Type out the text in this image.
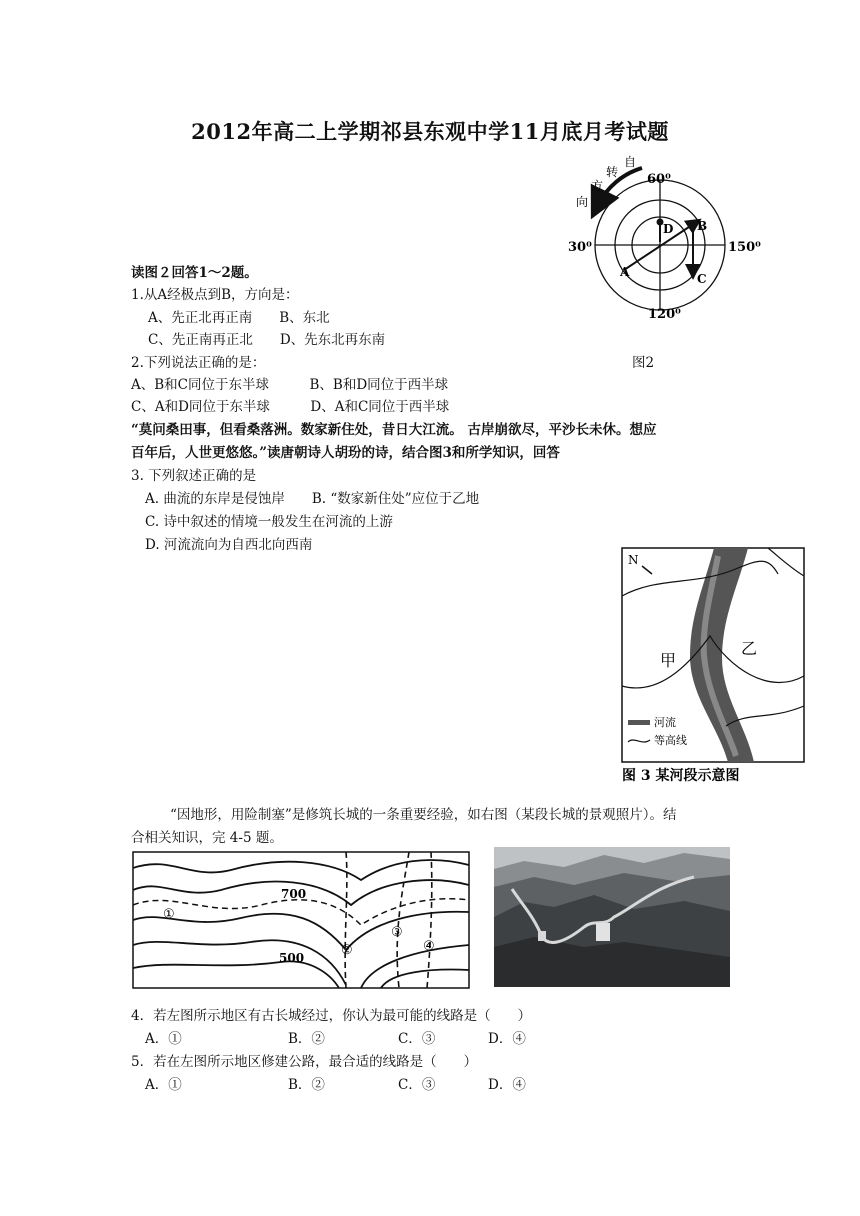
2012年高二上学期祁县东观中学11月底月考试题
60⁰
30⁰	150⁰
120⁰
A
B
C
D
自
转
方
向
读图２回答1～2题。
1.从A经极点到B，方向是：
A、先正北再正南　　B、东北
C、先正南再正北　　D、先东北再东南
2.下列说法正确的是：	图2
A、B和C同位于东半球　　　B、B和D同位于西半球
C、A和D同位于东半球　　　D、A和C同位于西半球
“莫问桑田事，但看桑落洲。数家新住处，昔日大江流。 古岸崩欲尽，平沙长未休。想应
百年后，人世更悠悠。”读唐朝诗人胡玢的诗，结合图3和所学知识，回答
3. 下列叙述正确的是
A. 曲流的东岸是侵蚀岸　　B. “数家新住处”应位于乙地
C. 诗中叙述的情境一般发生在河流的上游
D. 河流流向为自西北向西南
N
甲
乙
河流
等高线
图 3 某河段示意图
“因地形，用险制塞”是修筑长城的一条重要经验，如右图（某段长城的景观照片）。结
合相关知识，完 4-5 题。
700
500
①
②
③
④
4．若左图所示地区有古长城经过，你认为最可能的线路是（　　）
A．①	B．②	C．③	D．④
5．若在左图所示地区修建公路，最合适的线路是（　　）
A．①	B．②	C．③	D．④
